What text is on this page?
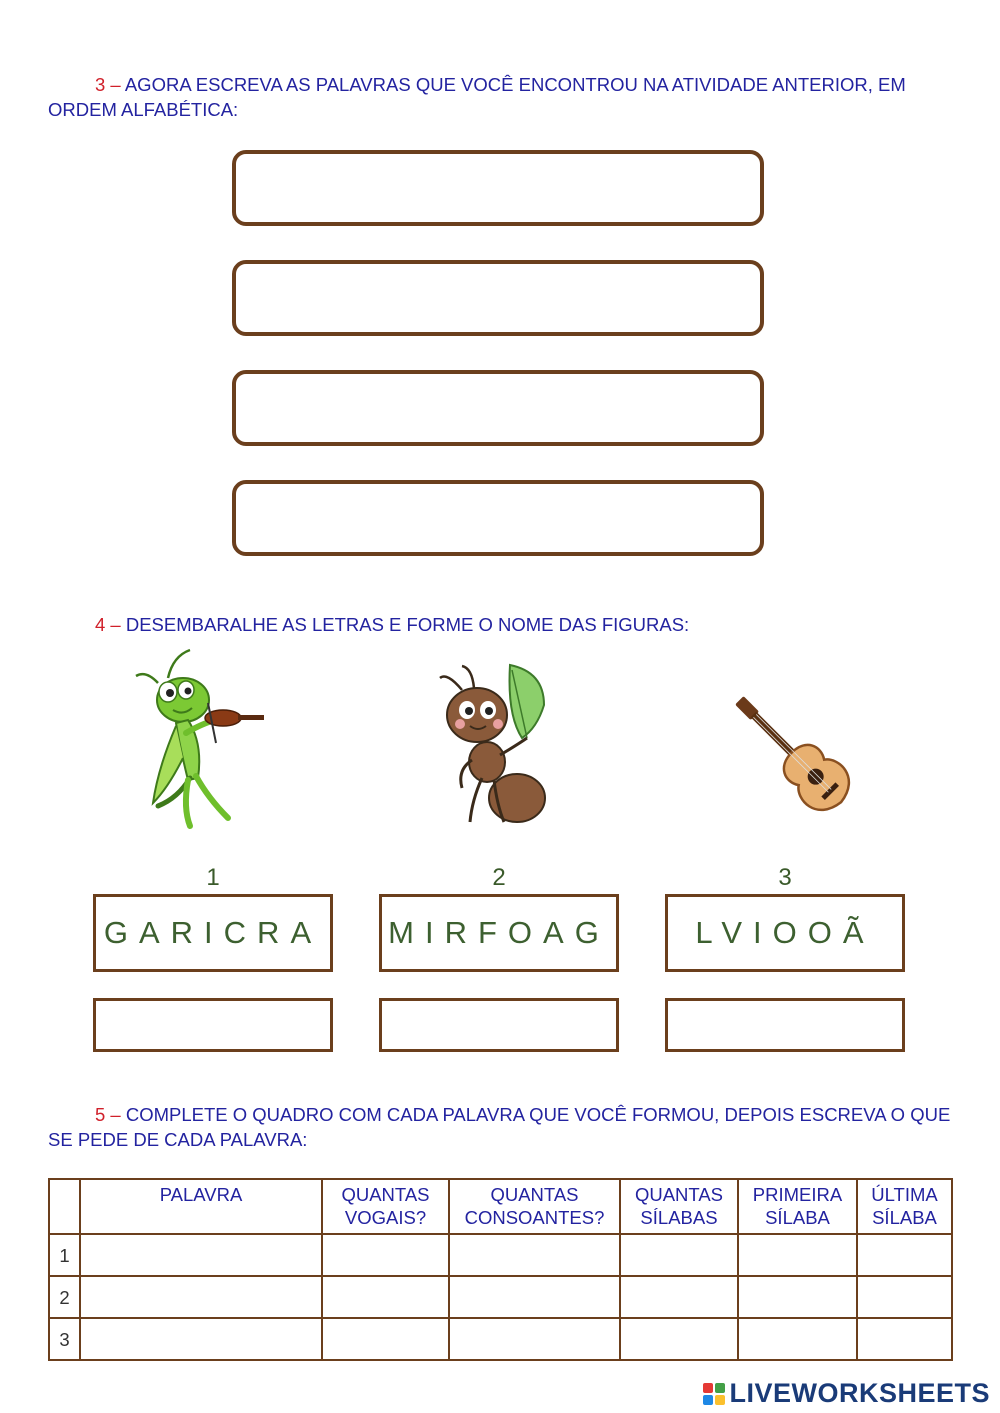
3 – AGORA ESCREVA AS PALAVRAS QUE VOCÊ ENCONTROU NA ATIVIDADE ANTERIOR, EM ORDEM ALFABÉTICA:
4 – DESEMBARALHE AS LETRAS E FORME O NOME DAS FIGURAS:
1	2	3
GARICRA	MIRFOAG	LVIOOÃ
5 – COMPLETE O QUADRO COM CADA PALAVRA QUE VOCÊ FORMOU, DEPOIS ESCREVA O QUE SE PEDE DE CADA PALAVRA:
	PALAVRA	QUANTAS VOGAIS?	QUANTAS CONSOANTES?	QUANTAS SÍLABAS	PRIMEIRA SÍLABA	ÚLTIMA SÍLABA
1						
2						
3						
LIVEWORKSHEETS
